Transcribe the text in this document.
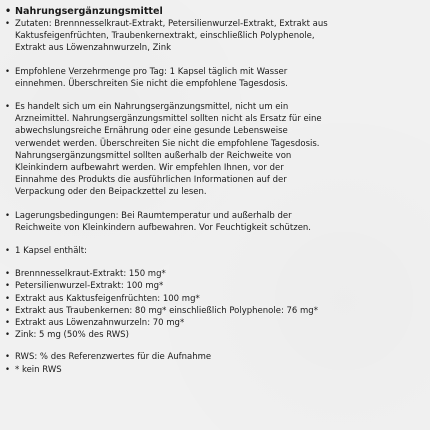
• Nahrungsergänzungsmittel
• Zutaten: Brennnesselkraut-Extrakt, Petersilienwurzel-Extrakt, Extrakt aus
Kaktusfeigenfrüchten, Traubenkernextrakt, einschließlich Polyphenole,
Extrakt aus Löwenzahnwurzeln, Zink
• Empfohlene Verzehrmenge pro Tag: 1 Kapsel täglich mit Wasser
einnehmen. Überschreiten Sie nicht die empfohlene Tagesdosis.
• Es handelt sich um ein Nahrungsergänzungsmittel, nicht um ein
Arzneimittel. Nahrungsergänzungsmittel sollten nicht als Ersatz für eine
abwechslungsreiche Ernährung oder eine gesunde Lebensweise
verwendet werden. Überschreiten Sie nicht die empfohlene Tagesdosis.
Nahrungsergänzungsmittel sollten außerhalb der Reichweite von
Kleinkindern aufbewahrt werden. Wir empfehlen Ihnen, vor der
Einnahme des Produkts die ausführlichen Informationen auf der
Verpackung oder den Beipackzettel zu lesen.
• Lagerungsbedingungen: Bei Raumtemperatur und außerhalb der
Reichweite von Kleinkindern aufbewahren. Vor Feuchtigkeit schützen.
• 1 Kapsel enthält:
• Brennnesselkraut-Extrakt: 150 mg*
• Petersilienwurzel-Extrakt: 100 mg*
• Extrakt aus Kaktusfeigenfrüchten: 100 mg*
• Extrakt aus Traubenkernen: 80 mg* einschließlich Polyphenole: 76 mg*
• Extrakt aus Löwenzahnwurzeln: 70 mg*
• Zink: 5 mg (50% des RWS)
• RWS: % des Referenzwertes für die Aufnahme
• * kein RWS
